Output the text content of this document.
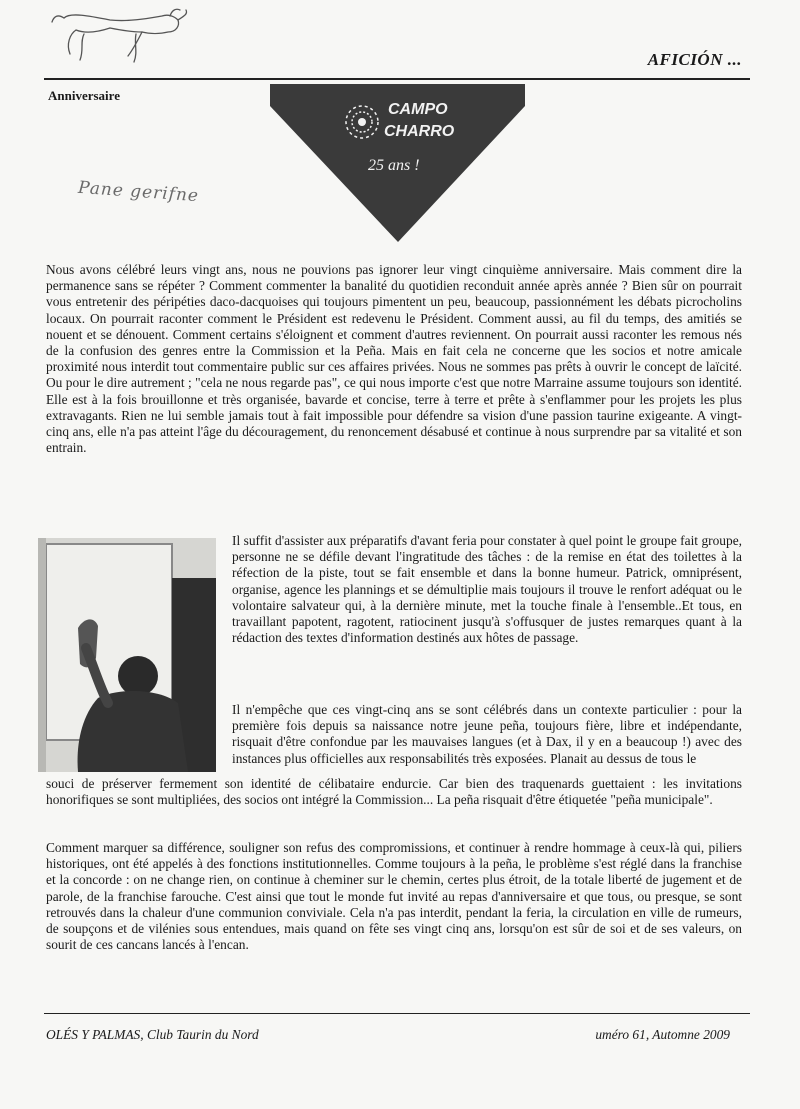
AFICIÓN ...
Anniversaire
CAMPO
CHARRO
25 ans !
Pane gerifne

Nous avons célébré leurs vingt ans, nous ne pouvions pas ignorer leur vingt cinquième anniversaire. Mais comment dire la permanence sans se répéter ? Comment commenter la banalité du quotidien reconduit année après année ? Bien sûr on pourrait vous entretenir des péripéties daco-dacquoises qui toujours pimentent un peu, beaucoup, passionnément les débats picrocholins locaux. On pourrait raconter comment le Président est redevenu le Président. Comment aussi, au fil du temps, des amitiés se nouent et se dénouent. Comment certains s'éloignent et comment d'autres reviennent. On pourrait aussi raconter les remous nés de la confusion des genres entre la Commission et la Peña. Mais en fait cela ne concerne que les socios et notre amicale proximité nous interdit tout commentaire public sur ces affaires privées. Nous ne sommes pas prêts à ouvrir le concept de laïcité. Ou pour le dire autrement ; "cela ne nous regarde pas", ce qui nous importe c'est que notre Marraine assume toujours son identité. Elle est à la fois brouillonne et très organisée, bavarde et concise, terre à terre et prête à s'enflammer pour les projets les plus extravagants. Rien ne lui semble jamais tout à fait impossible pour défendre sa vision d'une passion taurine exigeante. A vingt-cinq ans, elle n'a pas atteint l'âge du découragement, du renoncement désabusé et continue à nous surprendre par sa vitalité et son entrain.

Il suffit d'assister aux préparatifs d'avant feria pour constater à quel point le groupe fait groupe, personne ne se défile devant l'ingratitude des tâches : de la remise en état des toilettes à la réfection de la piste, tout se fait ensemble et dans la bonne humeur. Patrick, omniprésent, organise, agence les plannings et se démultiplie mais toujours il trouve le renfort adéquat ou le volontaire salvateur qui, à la dernière minute, met la touche finale à l'ensemble..Et tous, en travaillant papotent, ragotent, ratiocinent jusqu'à s'offusquer de justes remarques quant à la rédaction des textes d'information destinés aux hôtes de passage.

Il n'empêche que ces vingt-cinq ans se sont célébrés dans un contexte particulier : pour la première fois depuis sa naissance notre jeune peña, toujours fière, libre et indépendante, risquait d'être confondue par les mauvaises langues (et à Dax, il y en a beaucoup !) avec des instances plus officielles aux responsabilités très exposées. Planait au dessus de tous le

souci de préserver fermement son identité de célibataire endurcie. Car bien des traquenards guettaient : les invitations honorifiques se sont multipliées, des socios ont intégré la Commission... La peña risquait d'être étiquetée "peña municipale".

Comment marquer sa différence, souligner son refus des compromissions, et continuer à rendre hommage à ceux-là qui, piliers historiques, ont été appelés à des fonctions institutionnelles. Comme toujours à la peña, le problème s'est réglé dans la franchise et la concorde : on ne change rien, on continue à cheminer sur le chemin, certes plus étroit, de la totale liberté de jugement et de parole, de la franchise farouche. C'est ainsi que tout le monde fut invité au repas d'anniversaire et que tous, ou presque, se sont retrouvés dans la chaleur d'une communion conviviale. Cela n'a pas interdit, pendant la feria, la circulation en ville de rumeurs, de soupçons et de vilénies sous entendues, mais quand on fête ses vingt cinq ans, lorsqu'on est sûr de soi et de ses valeurs, on sourit de ces cancans lancés à l'encan.

OLÉS Y PALMAS, Club Taurin du Nord	uméro 61, Automne 2009
